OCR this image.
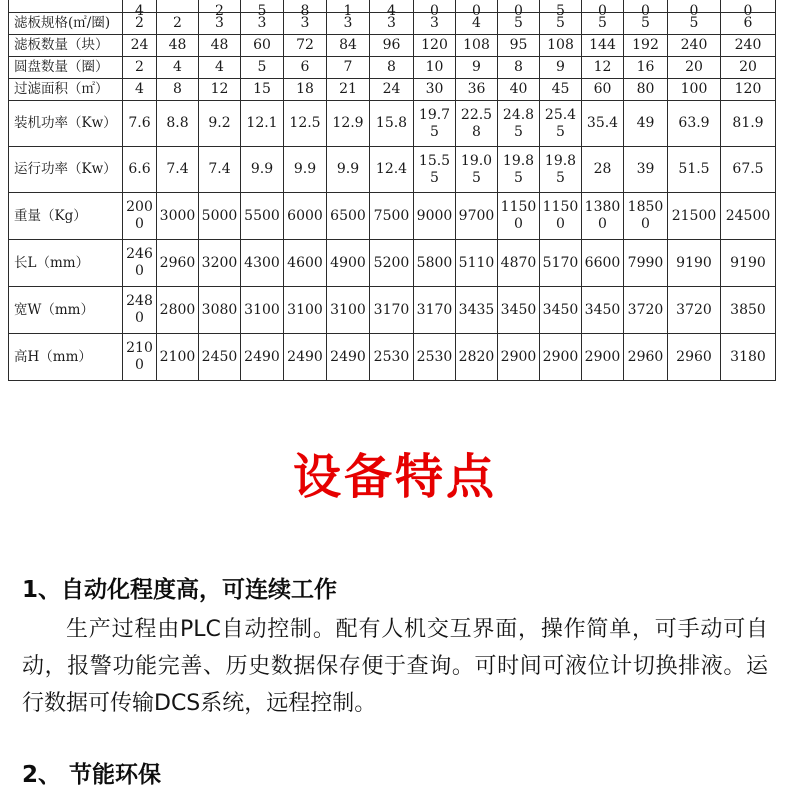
	4		2	5	8	1	4	0	0	0	5	0	0	0	0

滤板规格(㎡/圈)	2	2	3	3	3	3	3	3	4	5	5	5	5	5	6
滤板数量（块）	24	48	48	60	72	84	96	120	108	95	108	144	192	240	240
圆盘数量（圈）	2	4	4	5	6	7	8	10	9	8	9	12	16	20	20
过滤面积（㎡）	4	8	12	15	18	21	24	30	36	40	45	60	80	100	120
装机功率（Kw）	7.6	8.8	9.2	12.1	12.5	12.9	15.8	19.75	22.58	24.85	25.45	35.4	49	63.9	81.9
运行功率（Kw）	6.6	7.4	7.4	9.9	9.9	9.9	12.4	15.55	19.05	19.85	19.85	28	39	51.5	67.5
重量（Kg）	2000	3000	5000	5500	6000	6500	7500	9000	9700	11500	11500	13800	18500	21500	24500
长L（mm）	2460	2960	3200	4300	4600	4900	5200	5800	5110	4870	5170	6600	7990	9190	9190
宽W（mm）	2480	2800	3080	3100	3100	3100	3170	3170	3435	3450	3450	3450	3720	3720	3850
高H（mm）	2100	2100	2450	2490	2490	2490	2530	2530	2820	2900	2900	2900	2960	2960	3180
设备特点
1、自动化程度高，可连续工作

生产过程由PLC自动控制。配有人机交互界面，操作简单，可手动可自动，报警功能完善、历史数据保存便于查询。可时间可液位计切换排液。运行数据可传输DCS系统，远程控制。

2、 节能环保
